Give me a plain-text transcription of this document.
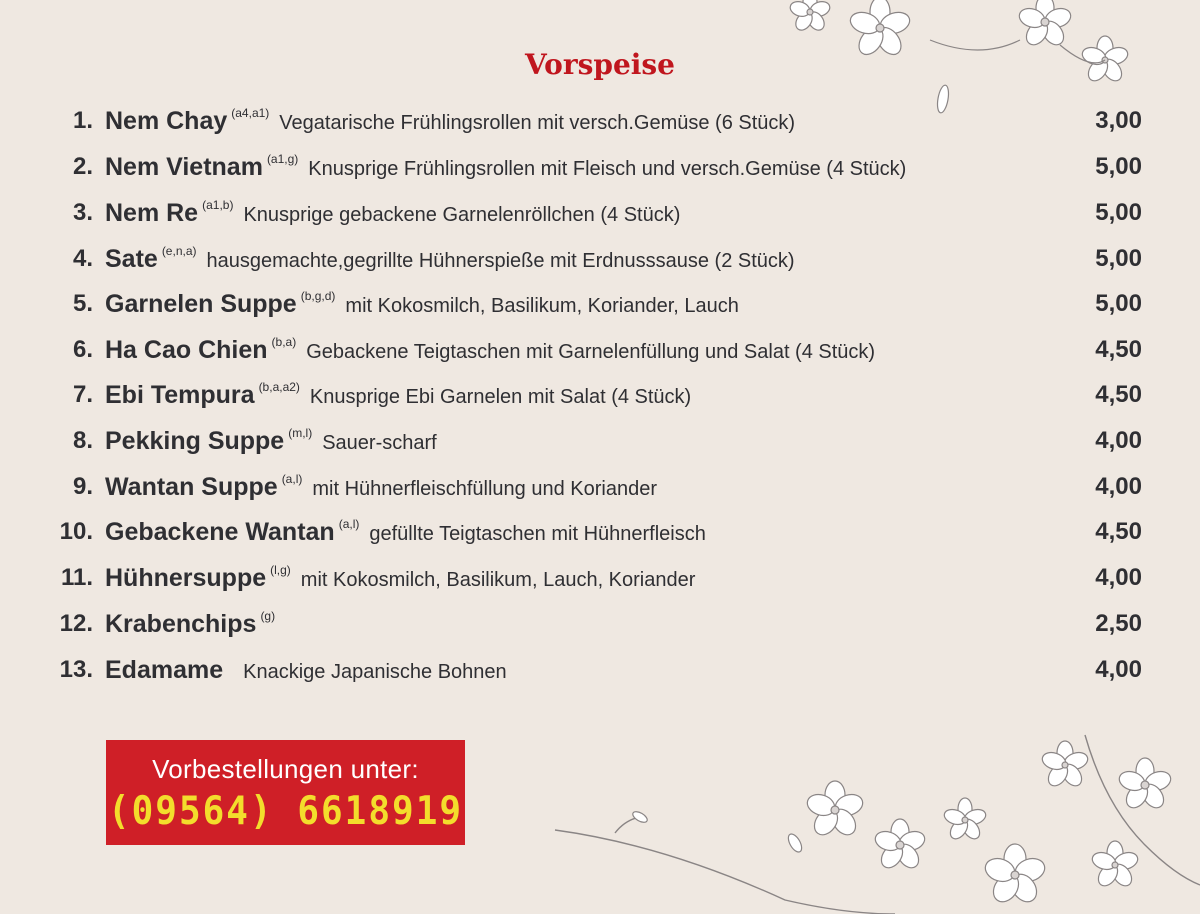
Vorspeise
1. Nem Chay (a4,a1) Vegatarische Frühlingsrollen mit versch.Gemüse (6 Stück)	3,00
2. Nem Vietnam (a1,g) Knusprige Frühlingsrollen mit Fleisch und versch.Gemüse (4 Stück)	5,00
3. Nem Re (a1,b) Knusprige gebackene Garnelenröllchen (4 Stück)	5,00
4. Sate (e,n,a) hausgemachte,gegrillte Hühnerspieße mit Erdnusssause (2 Stück)	5,00
5. Garnelen Suppe (b,g,d) mit Kokosmilch, Basilikum, Koriander, Lauch	5,00
6. Ha Cao Chien (b,a) Gebackene Teigtaschen mit Garnelenfüllung und Salat (4 Stück)	4,50
7. Ebi Tempura (b,a,a2) Knusprige Ebi Garnelen mit Salat (4 Stück)	4,50
8. Pekking Suppe (m,l) Sauer-scharf	4,00
9. Wantan Suppe (a,l) mit Hühnerfleischfüllung und Koriander	4,00
10. Gebackene Wantan (a,l) gefüllte Teigtaschen mit Hühnerfleisch	4,50
11. Hühnersuppe (l,g) mit Kokosmilch, Basilikum, Lauch, Koriander	4,00
12. Krabenchips (g)	2,50
13. Edamame Knackige Japanische Bohnen	4,00
Vorbestellungen unter:
(09564) 6618919
